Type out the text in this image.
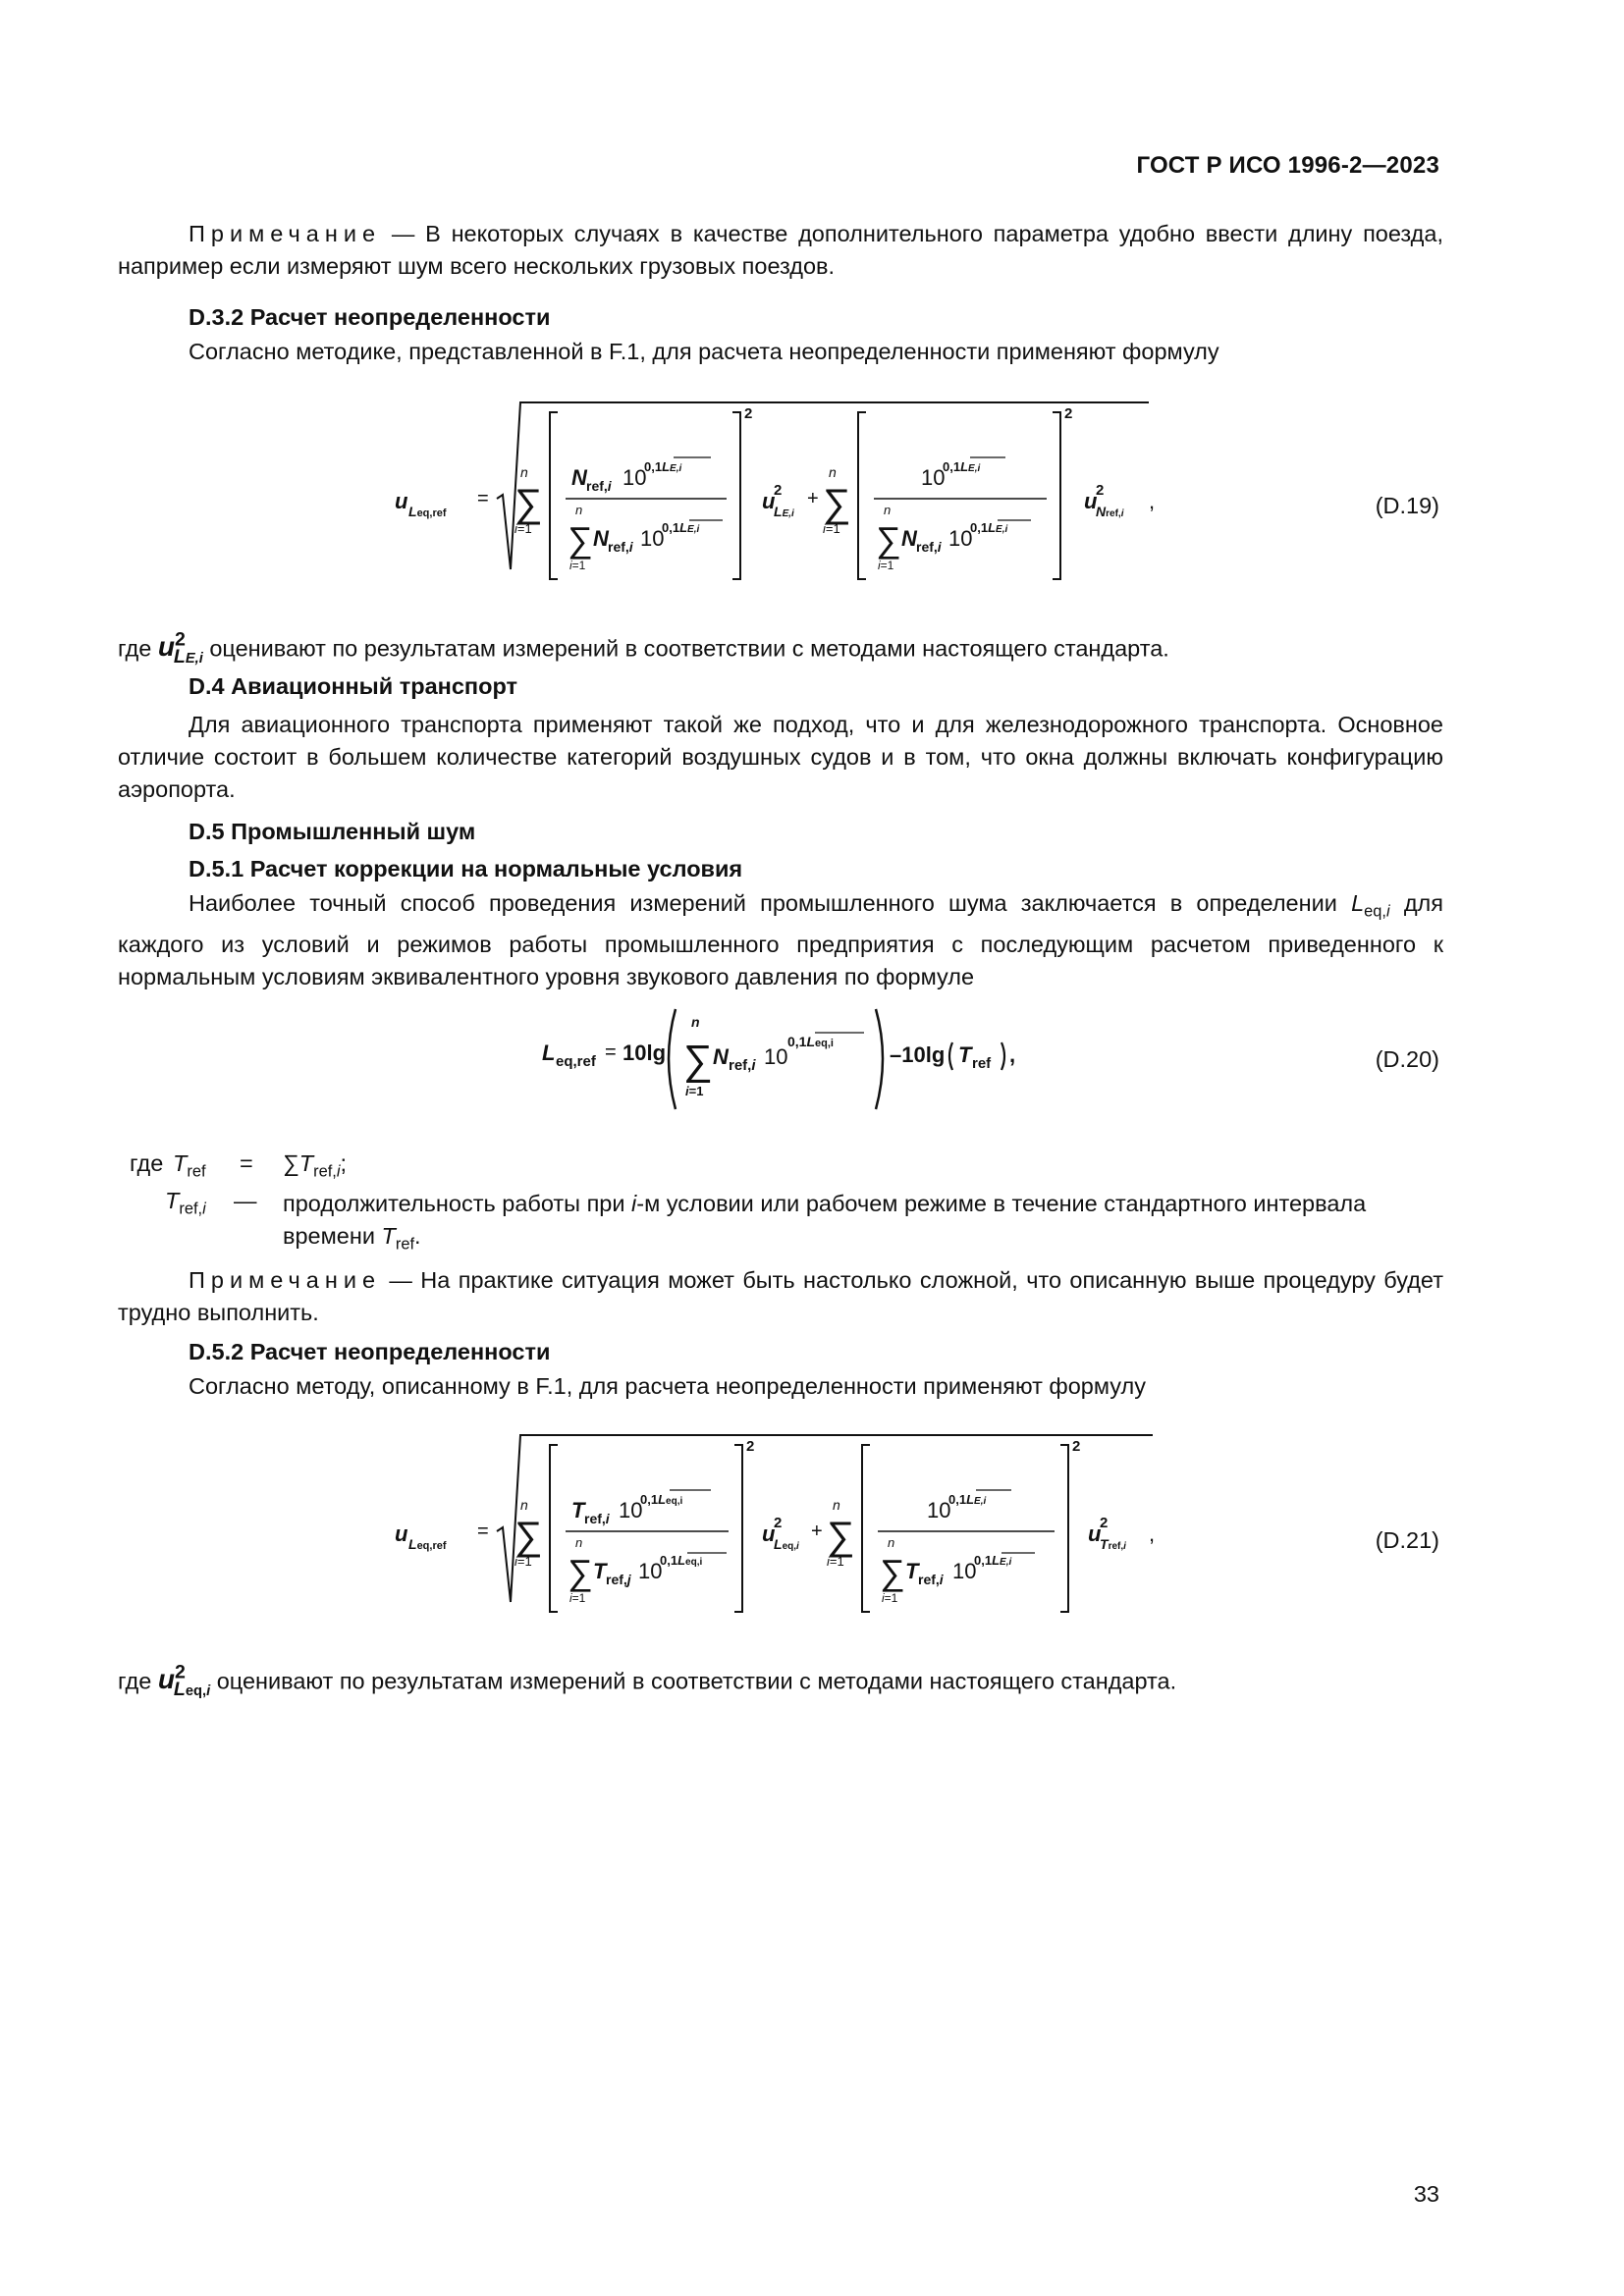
ГОСТ Р ИСО 1996-2—2023
Примечание — В некоторых случаях в качестве дополнительного параметра удобно ввести длину поезда, например если измеряют шум всего нескольких грузовых поездов.
D.3.2 Расчет неопределенности
Согласно методике, представленной в F.1, для расчета неопределенности применяют формулу
u Leq,ref
=
n
∑
i=1
N ref,i 10
0,1LE,i
n
∑
i=1
N ref,i 10
0,1LE,i
2
u
2
LE,i
+
n
∑
i=1
10
0,1LE,i
n
∑
i=1
N ref,i 10
0,1LE,i
2
u
2
Nref,i
,	(D.19)
где $u^2_{LE,i}$ оценивают по результатам измерений в соответствии с методами настоящего стандарта.
D.4 Авиационный транспорт
Для авиационного транспорта применяют такой же подход, что и для железнодорожного транспорта. Основное отличие состоит в большем количестве категорий воздушных судов и в том, что окна должны включать конфигурацию аэропорта.
D.5 Промышленный шум
D.5.1 Расчет коррекции на нормальные условия
Наиболее точный способ проведения измерений промышленного шума заключается в определении $L_{eq,i}$ для каждого из условий и режимов работы промышленного предприятия с последующим расчетом приведенного к нормальным условиям эквивалентного уровня звукового давления по формуле
L eq,ref = 10lg
n
∑
i=1
N ref,i 10
0,1Leq,i	–10lg T ref ,	(D.20)
где $T_{ref} = \sum T_{ref,i}$;
$T_{ref,i}$ — продолжительность работы при i-м условии или рабочем режиме в течение стандартного интервала времени $T_{ref}$.
Примечание — На практике ситуация может быть настолько сложной, что описанную выше процедуру будет трудно выполнить.
D.5.2 Расчет неопределенности
Согласно методу, описанному в F.1, для расчета неопределенности применяют формулу
u Leq,ref
=
n
∑
i=1
T ref,i 10
0,1Leq,i
n
∑
i=1
T ref,j 10
0,1Leq,i
2
u
2
Leq,i
+
n
∑
i=1
10
0,1LE,i
n
∑
i=1
T ref,i 10
0,1LE,i
2
u
2
Tref,i
,	(D.21)
где $u^2_{Leq,i}$ оценивают по результатам измерений в соответствии с методами настоящего стандарта.
33
